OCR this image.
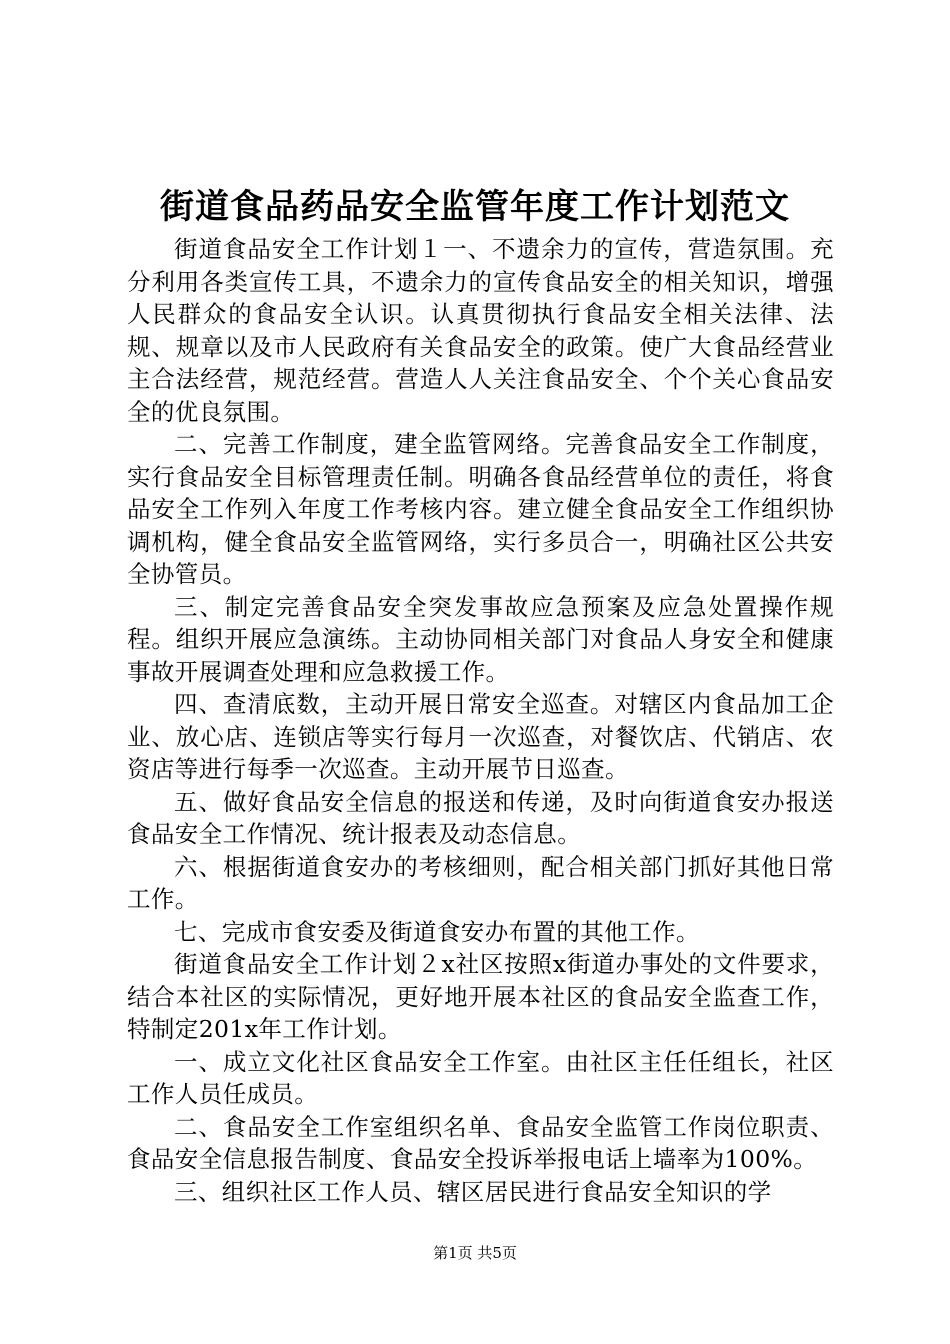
街道食品药品安全监管年度工作计划范文

街道食品安全工作计划１一、不遗余力的宣传，营造氛围。充分利用各类宣传工具，不遗余力的宣传食品安全的相关知识，增强人民群众的食品安全认识。认真贯彻执行食品安全相关法律、法规、规章以及市人民政府有关食品安全的政策。使广大食品经营业主合法经营，规范经营。营造人人关注食品安全、个个关心食品安全的优良氛围。

二、完善工作制度，建全监管网络。完善食品安全工作制度，实行食品安全目标管理责任制。明确各食品经营单位的责任，将食品安全工作列入年度工作考核内容。建立健全食品安全工作组织协调机构，健全食品安全监管网络，实行多员合一，明确社区公共安全协管员。

三、制定完善食品安全突发事故应急预案及应急处置操作规程。组织开展应急演练。主动协同相关部门对食品人身安全和健康事故开展调查处理和应急救援工作。

四、查清底数，主动开展日常安全巡查。对辖区内食品加工企业、放心店、连锁店等实行每月一次巡查，对餐饮店、代销店、农资店等进行每季一次巡查。主动开展节日巡查。

五、做好食品安全信息的报送和传递，及时向街道食安办报送食品安全工作情况、统计报表及动态信息。

六、根据街道食安办的考核细则，配合相关部门抓好其他日常工作。

七、完成市食安委及街道食安办布置的其他工作。

街道食品安全工作计划２x社区按照x街道办事处的文件要求，结合本社区的实际情况，更好地开展本社区的食品安全监查工作，特制定201x年工作计划。

一、成立文化社区食品安全工作室。由社区主任任组长，社区工作人员任成员。

二、食品安全工作室组织名单、食品安全监管工作岗位职责、食品安全信息报告制度、食品安全投诉举报电话上墙率为100%。

三、组织社区工作人员、辖区居民进行食品安全知识的学

第1页 共5页
